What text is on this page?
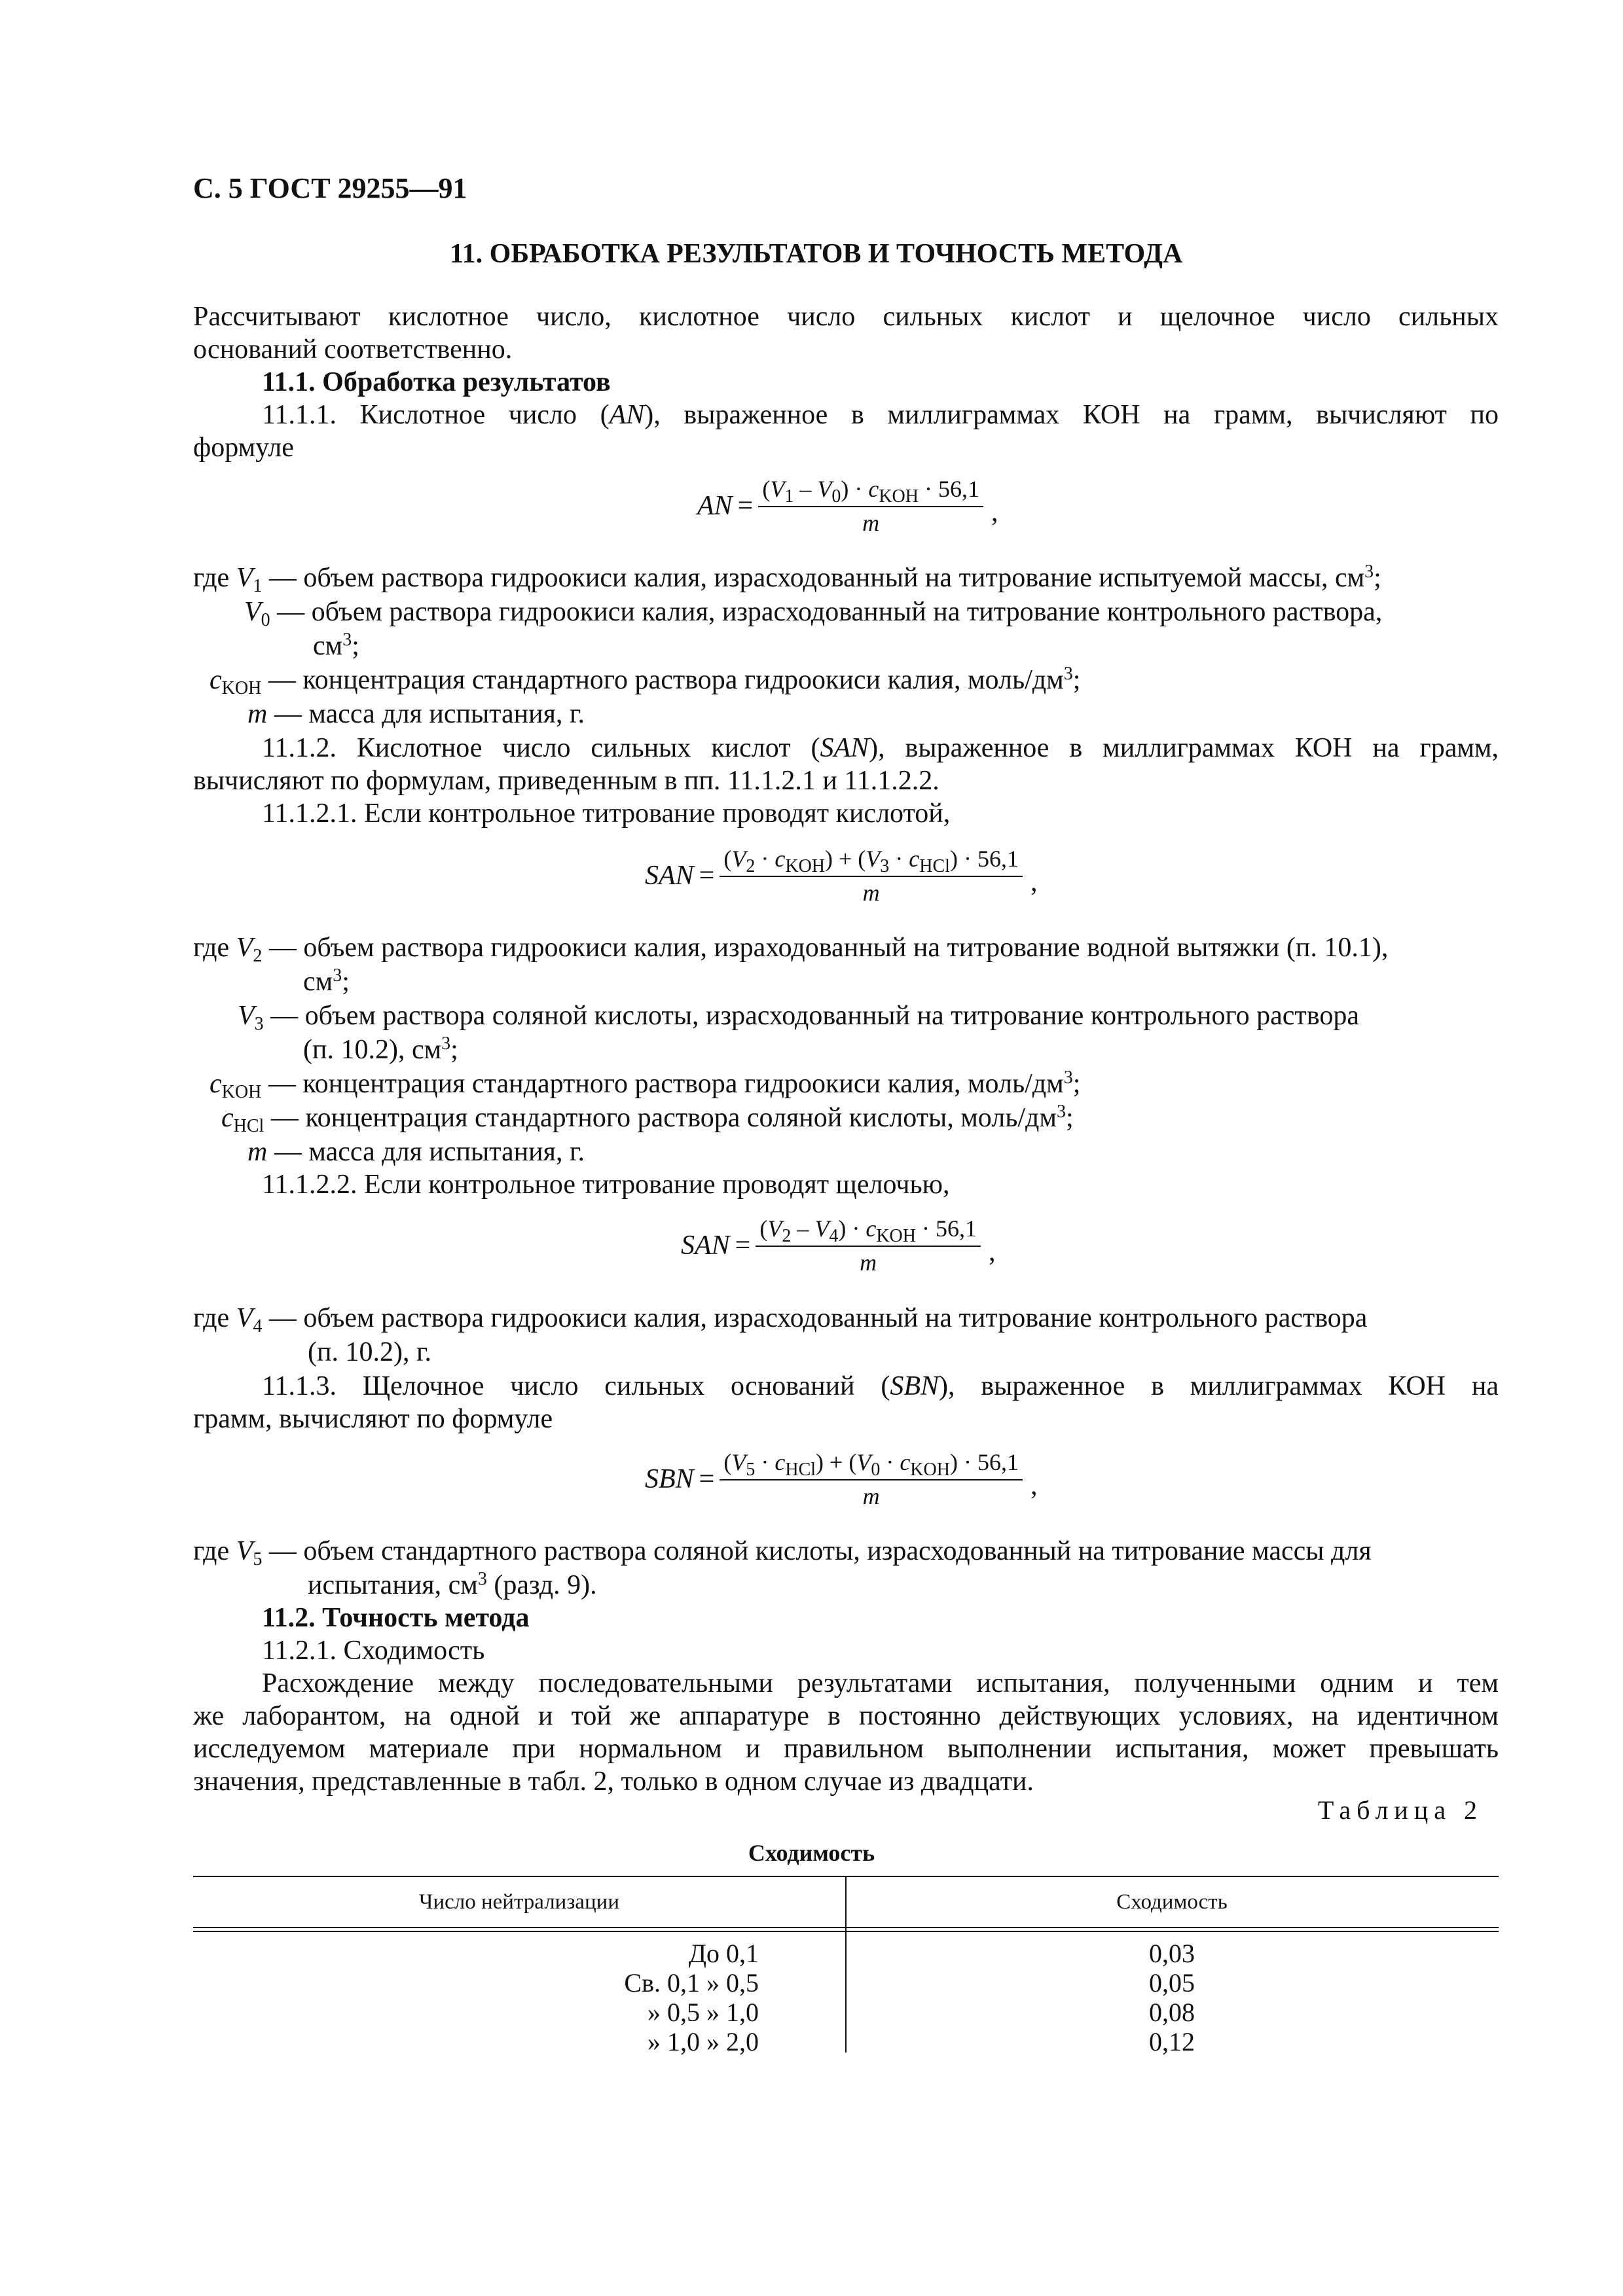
С. 5 ГОСТ 29255—91
11. ОБРАБОТКА РЕЗУЛЬТАТОВ И ТОЧНОСТЬ МЕТОДА
Рассчитывают кислотное число, кислотное число сильных кислот и щелочное число сильных
оснований соответственно.
11.1. Обработка результатов
11.1.1. Кислотное число (AN), выраженное в миллиграммах КОН на грамм, вычисляют по
формуле
AN = $\frac{(V_1 - V_0) \cdot c_{KOH} \cdot 56,1}{m}$ ,
где $V_1$ — объем раствора гидроокиси калия, израсходованный на титрование испытуемой массы, $см^3$;
$V_0$ — объем раствора гидроокиси калия, израсходованный на титрование контрольного раствора,
$см^3$;
$c_{KOH}$ — концентрация стандартного раствора гидроокиси калия, моль/$дм^3$;
m — масса для испытания, г.
11.1.2. Кислотное число сильных кислот (SAN), выраженное в миллиграммах КОН на грамм,
вычисляют по формулам, приведенным в пп. 11.1.2.1 и 11.1.2.2.
11.1.2.1. Если контрольное титрование проводят кислотой,
SAN = $\frac{(V_2 \cdot c_{KOH}) + (V_3 \cdot c_{HCl}) \cdot 56,1}{m}$ ,
где $V_2$ — объем раствора гидроокиси калия, израходованный на титрование водной вытяжки (п. 10.1),
$см^3$;
$V_3$ — объем раствора соляной кислоты, израсходованный на титрование контрольного раствора
(п. 10.2), $см^3$;
$c_{KOH}$ — концентрация стандартного раствора гидроокиси калия, моль/$дм^3$;
$c_{HCl}$ — концентрация стандартного раствора соляной кислоты, моль/$дм^3$;
m — масса для испытания, г.
11.1.2.2. Если контрольное титрование проводят щелочью,
SAN = $\frac{(V_2 - V_4) \cdot c_{KOH} \cdot 56,1}{m}$ ,
где $V_4$ — объем раствора гидроокиси калия, израсходованный на титрование контрольного раствора
(п. 10.2), г.
11.1.3. Щелочное число сильных оснований (SBN), выраженное в миллиграммах КОН на
грамм, вычисляют по формуле
SBN = $\frac{(V_5 \cdot c_{HCl}) + (V_0 \cdot c_{KOH}) \cdot 56,1}{m}$ ,
где $V_5$ — объем стандартного раствора соляной кислоты, израсходованный на титрование массы для
испытания, $см^3$ (разд. 9).
11.2. Точность метода
11.2.1. Сходимость
Расхождение между последовательными результатами испытания, полученными одним и тем
же лаборантом, на одной и той же аппаратуре в постоянно действующих условиях, на идентичном
исследуемом материале при нормальном и правильном выполнении испытания, может превышать
значения, представленные в табл. 2, только в одном случае из двадцати.
Таблица 2
Сходимость
Число нейтрализации	Сходимость
До 0,1
Св. 0,1 » 0,5
» 0,5 » 1,0
» 1,0 » 2,0
0,03
0,05
0,08
0,12
